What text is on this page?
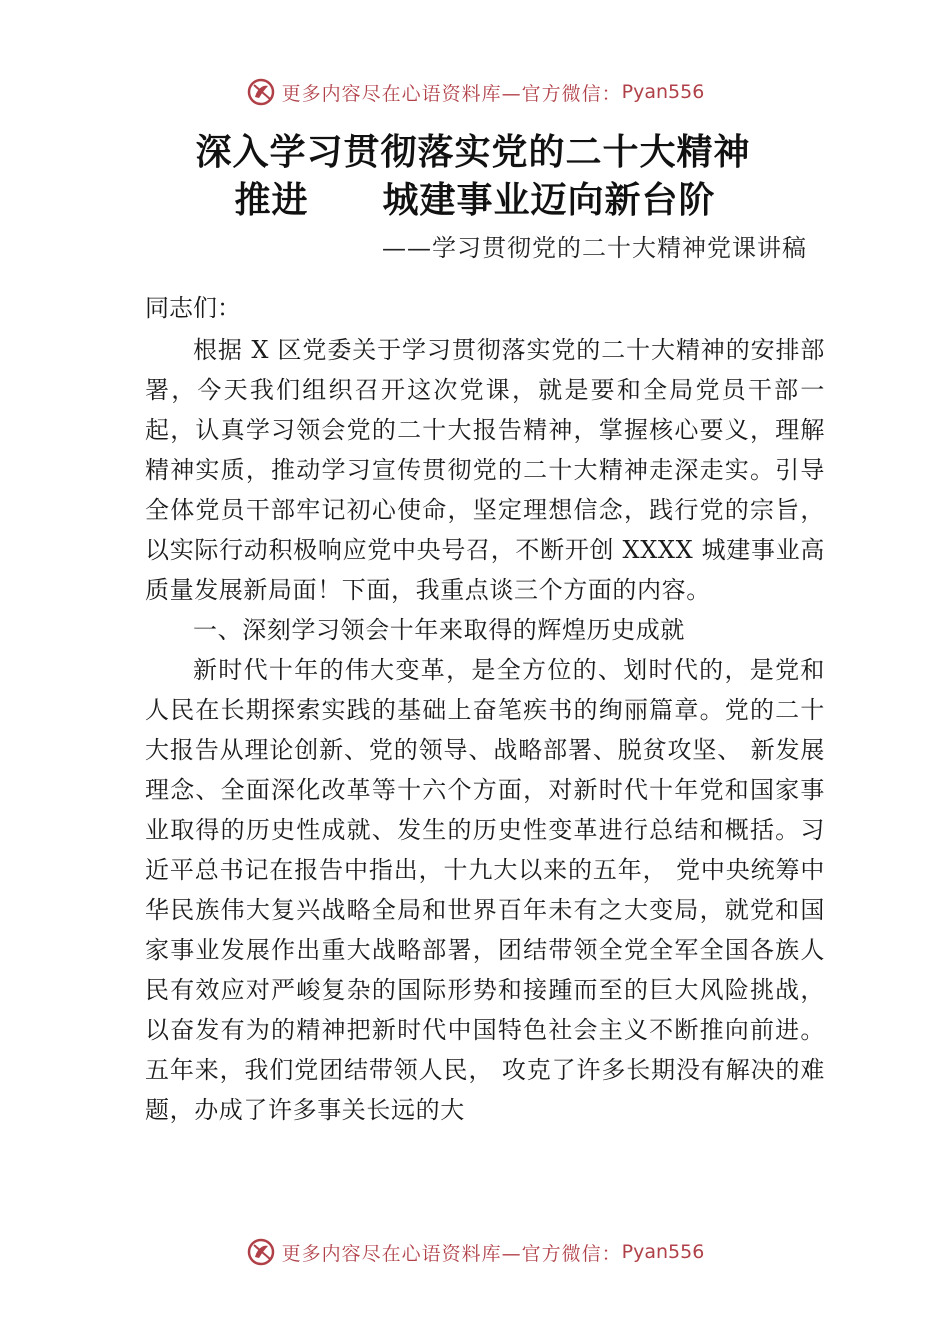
更多内容尽在心语资料库—官方微信： Pyan556
深入学习贯彻落实党的二十大精神
推进 城建事业迈向新台阶
——学习贯彻党的二十大精神党课讲稿
同志们：

根据 X 区党委关于学习贯彻落实党的二十大精神的安排部署，今天我们组织召开这次党课，就是要和全局党员干部一起，认真学习领会党的二十大报告精神，掌握核心要义，理解精神实质，推动学习宣传贯彻党的二十大精神走深走实。引导全体党员干部牢记初心使命，坚定理想信念，践行党的宗旨，以实际行动积极响应党中央号召，不断开创 XXXX 城建事业高质量发展新局面！下面，我重点谈三个方面的内容。

一、深刻学习领会十年来取得的辉煌历史成就

新时代十年的伟大变革，是全方位的、划时代的，是党和人民在长期探索实践的基础上奋笔疾书的绚丽篇章。党的二十大报告从理论创新、党的领导、战略部署、脱贫攻坚、 新发展理念、全面深化改革等十六个方面，对新时代十年党和国家事业取得的历史性成就、发生的历史性变革进行总结和概括。习近平总书记在报告中指出，十九大以来的五年， 党中央统筹中华民族伟大复兴战略全局和世界百年未有之大变局，就党和国家事业发展作出重大战略部署，团结带领全党全军全国各族人民有效应对严峻复杂的国际形势和接踵而至的巨大风险挑战，以奋发有为的精神把新时代中国特色社会主义不断推向前进。五年来，我们党团结带领人民， 攻克了许多长期没有解决的难题，办成了许多事关长远的大

更多内容尽在心语资料库—官方微信： Pyan556
